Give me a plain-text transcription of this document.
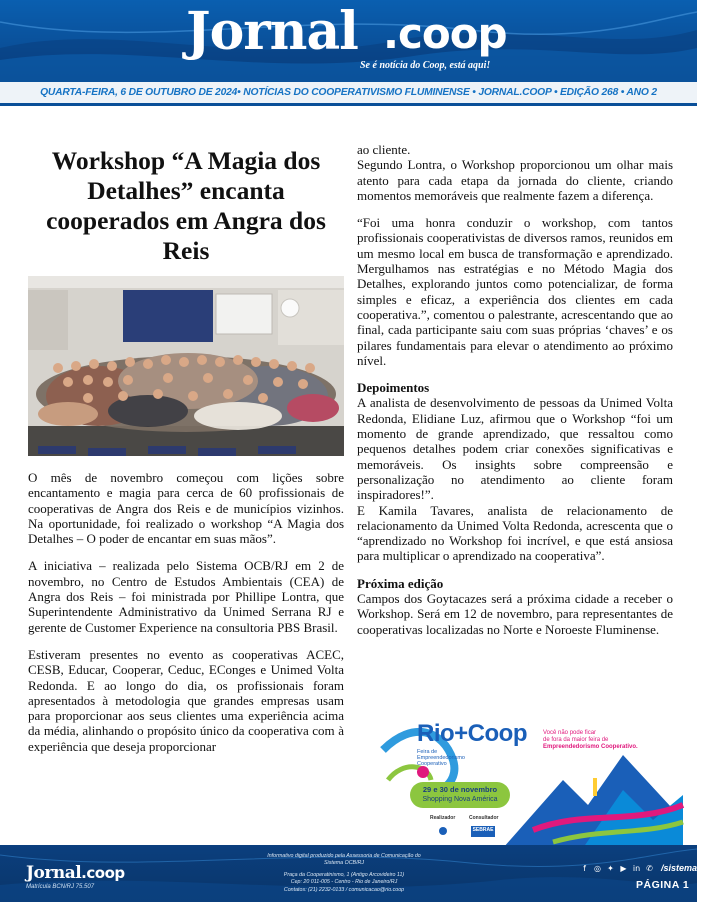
Jornal .coop
Se é notícia do Coop, está aqui!
QUARTA-FEIRA, 6 DE OUTUBRO DE 2024• NOTÍCIAS DO COOPERATIVISMO FLUMINENSE • JORNAL.COOP • EDIÇÃO 268 • ANO 2
Workshop “A Magia dos Detalhes” encanta cooperados em Angra dos Reis

O mês de novembro começou com lições sobre encantamento e magia para cerca de 60 profissionais de cooperativas de Angra dos Reis e de municípios vizinhos. Na oportunidade, foi realizado o workshop “A Magia dos Detalhes – O poder de encantar em suas mãos”.

A iniciativa – realizada pelo Sistema OCB/RJ em 2 de novembro, no Centro de Estudos Ambientais (CEA) de Angra dos Reis – foi ministrada por Phillipe Lontra, que Superintendente Administrativo da Unimed Serrana RJ e gerente de Customer Experience na consultoria PBS Brasil.

Estiveram presentes no evento as cooperativas ACEC, CESB, Educar, Cooperar, Ceduc, EConges e Unimed Volta Redonda. E ao longo do dia, os profissionais foram apresentados à metodologia que grandes empresas usam para proporcionar aos seus clientes uma experiência acima da média, alinhando o propósito único da cooperativa com à experiência que deseja proporcionar

ao cliente.

Segundo Lontra, o Workshop proporcionou um olhar mais atento para cada etapa da jornada do cliente, criando momentos memoráveis que realmente fazem a diferença.

“Foi uma honra conduzir o workshop, com tantos profissionais cooperativistas de diversos ramos, reunidos em um mesmo local em busca de transformação e aprendizado. Mergulhamos nas estratégias e no Método Magia dos Detalhes, explorando juntos como potencializar, de forma simples e eficaz, a experiência dos clientes em cada cooperativa.”, comentou o palestrante, acrescentando que ao final, cada participante saiu com suas próprias ‘chaves’ e os pilares fundamentais para elevar o atendimento ao próximo nível.

Depoimentos

A analista de desenvolvimento de pessoas da Unimed Volta Redonda, Elidiane Luz, afirmou que o Workshop “foi um momento de grande aprendizado, que ressaltou como pequenos detalhes podem criar conexões significativas e memoráveis. Os insights sobre compreensão e personalização no atendimento ao cliente foram inspiradores!”.

E Kamila Tavares, analista de relacionamento de relacionamento da Unimed Volta Redonda, acrescenta que o “aprendizado no Workshop foi incrível, e que está ansiosa para multiplicar o aprendizado na cooperativa”.

Próxima edição

Campos dos Goytacazes será a próxima cidade a receber o Workshop. Será em 12 de novembro, para representantes de cooperativas localizadas no Norte e Noroeste Fluminense.

Rio+Coop
Feira de
Empreendedorismo
Cooperativo
Você não pode ficar
de fora da maior feira de
Empreendedorismo Cooperativo.
29 e 30 de novembro
Shopping Nova América
Realizador	Consultador
SEBRAE
Jornal.coop
Matrícula BCN/RJ 75.507
Informativo digital produzido pela Assessoria de Comunicação do Sistema OCB/RJ
Praça da Cooperatinismo, 1 (Antigo Arcovideiro 11)
Cep: 20 011-005 - Centro - Rio de Janeiro/RJ
Contatos: (21) 2232-0133 / comunicacao@rio.coop
f	◎ ✦ ▶ in ✆ /sistemaocbrj
PÁGINA 1
